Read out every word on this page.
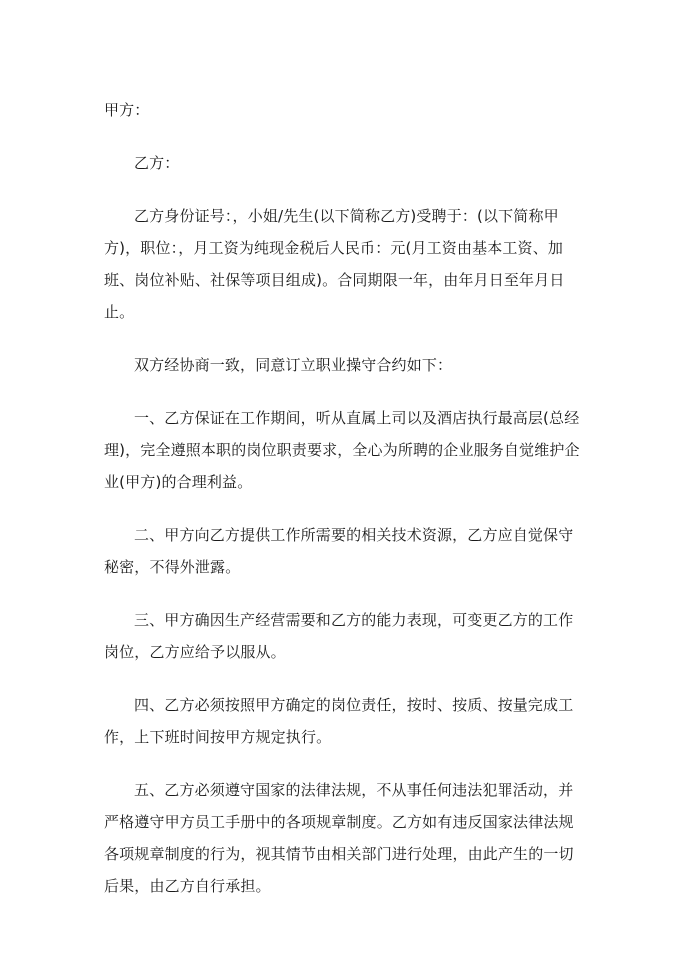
甲方：

乙方：

乙方身份证号：，小姐/先生(以下简称乙方)受聘于：(以下简称甲方)，职位：，月工资为纯现金税后人民币：元(月工资由基本工资、加班、岗位补贴、社保等项目组成)。合同期限一年，由年月日至年月日止。

双方经协商一致，同意订立职业操守合约如下：

一、乙方保证在工作期间，听从直属上司以及酒店执行最高层(总经理)，完全遵照本职的岗位职责要求，全心为所聘的企业服务自觉维护企业(甲方)的合理利益。

二、甲方向乙方提供工作所需要的相关技术资源，乙方应自觉保守秘密，不得外泄露。

三、甲方确因生产经营需要和乙方的能力表现，可变更乙方的工作岗位，乙方应给予以服从。

四、乙方必须按照甲方确定的岗位责任，按时、按质、按量完成工作，上下班时间按甲方规定执行。

五、乙方必须遵守国家的法律法规，不从事任何违法犯罪活动，并严格遵守甲方员工手册中的各项规章制度。乙方如有违反国家法律法规各项规章制度的行为，视其情节由相关部门进行处理，由此产生的一切后果，由乙方自行承担。
